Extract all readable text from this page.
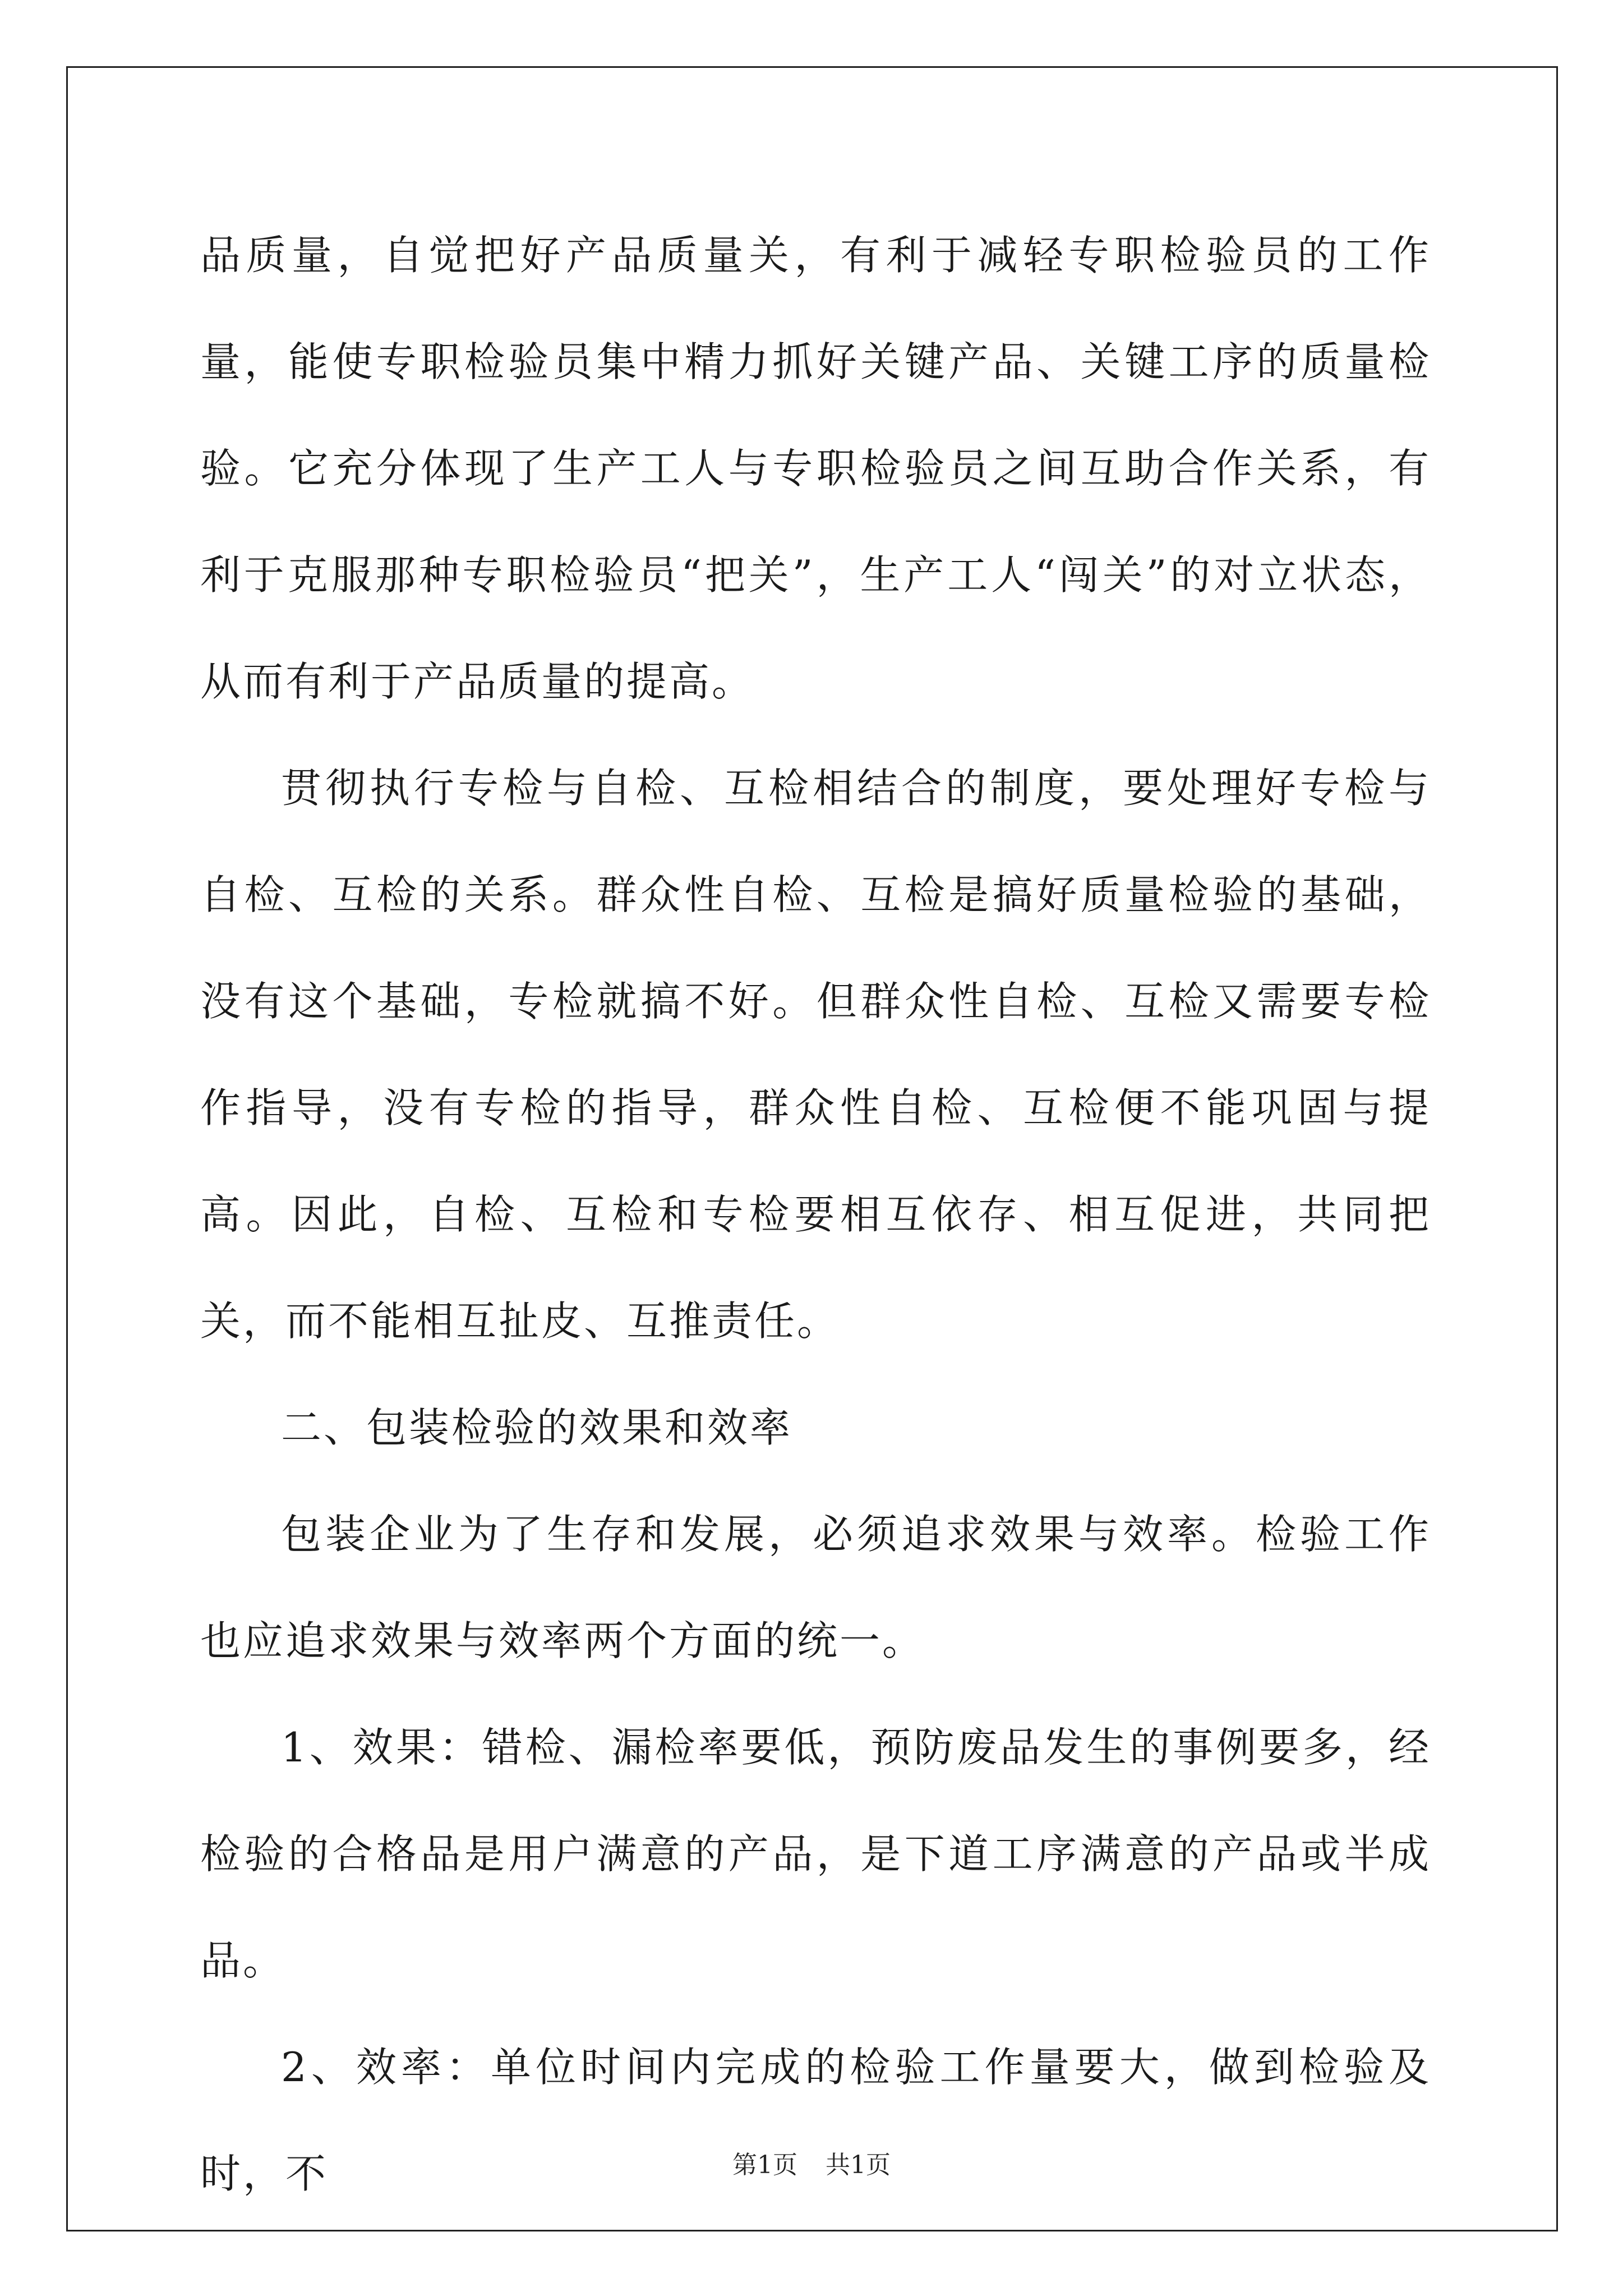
品质量，自觉把好产品质量关，有利于减轻专职检验员的工作量，能使专职检验员集中精力抓好关键产品、关键工序的质量检验。它充分体现了生产工人与专职检验员之间互助合作关系，有利于克服那种专职检验员“把关”，生产工人“闯关”的对立状态，从而有利于产品质量的提高。

贯彻执行专检与自检、互检相结合的制度，要处理好专检与自检、互检的关系。群众性自检、互检是搞好质量检验的基础，没有这个基础，专检就搞不好。但群众性自检、互检又需要专检作指导，没有专检的指导，群众性自检、互检便不能巩固与提高。因此，自检、互检和专检要相互依存、相互促进，共同把关，而不能相互扯皮、互推责任。

二、包装检验的效果和效率

包装企业为了生存和发展，必须追求效果与效率。检验工作也应追求效果与效率两个方面的统一。

1、效果：错检、漏检率要低，预防废品发生的事例要多，经检验的合格品是用户满意的产品，是下道工序满意的产品或半成品。

2、效率：单位时间内完成的检验工作量要大，做到检验及时，不	第1页 共1页
